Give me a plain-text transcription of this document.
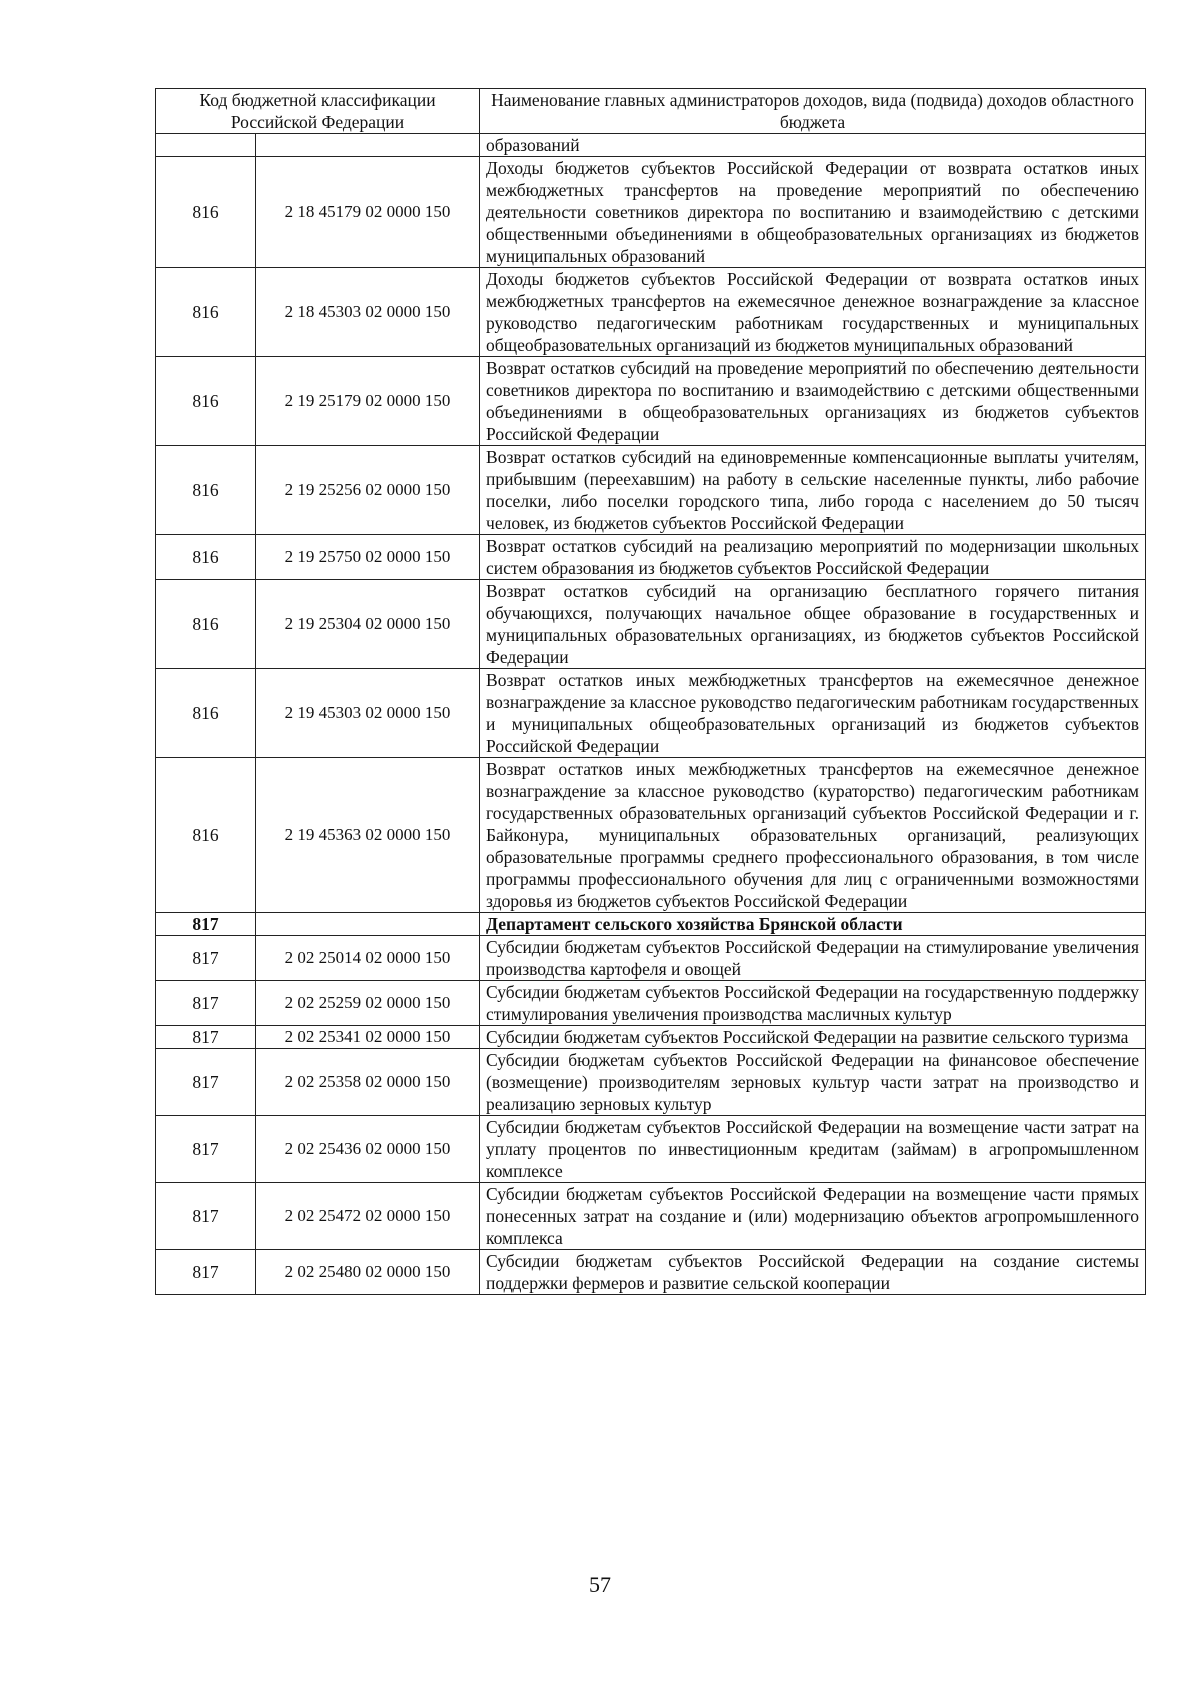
Код бюджетной классификации Российской Федерации		Наименование главных администраторов доходов, вида (подвида) доходов областного бюджета
		образований
816	2 18 45179 02 0000 150	Доходы бюджетов субъектов Российской Федерации от возврата остатков иных межбюджетных трансфертов на проведение мероприятий по обеспечению деятельности советников директора по воспитанию и взаимодействию с детскими общественными объединениями в общеобразовательных организациях из бюджетов муниципальных образований
816	2 18 45303 02 0000 150	Доходы бюджетов субъектов Российской Федерации от возврата остатков иных межбюджетных трансфертов на ежемесячное денежное вознаграждение за классное руководство педагогическим работникам государственных и муниципальных общеобразовательных организаций из бюджетов муниципальных образований
816	2 19 25179 02 0000 150	Возврат остатков субсидий на проведение мероприятий по обеспечению деятельности советников директора по воспитанию и взаимодействию с детскими общественными объединениями в общеобразовательных организациях из бюджетов субъектов Российской Федерации
816	2 19 25256 02 0000 150	Возврат остатков субсидий на единовременные компенсационные выплаты учителям, прибывшим (переехавшим) на работу в сельские населенные пункты, либо рабочие поселки, либо поселки городского типа, либо города с населением до 50 тысяч человек, из бюджетов субъектов Российской Федерации
816	2 19 25750 02 0000 150	Возврат остатков субсидий на реализацию мероприятий по модернизации школьных систем образования из бюджетов субъектов Российской Федерации
816	2 19 25304 02 0000 150	Возврат остатков субсидий на организацию бесплатного горячего питания обучающихся, получающих начальное общее образование в государственных и муниципальных образовательных организациях, из бюджетов субъектов Российской Федерации
816	2 19 45303 02 0000 150	Возврат остатков иных межбюджетных трансфертов на ежемесячное денежное вознаграждение за классное руководство педагогическим работникам государственных и муниципальных общеобразовательных организаций из бюджетов субъектов Российской Федерации
816	2 19 45363 02 0000 150	Возврат остатков иных межбюджетных трансфертов на ежемесячное денежное вознаграждение за классное руководство (кураторство) педагогическим работникам государственных образовательных организаций субъектов Российской Федерации и г. Байконура, муниципальных образовательных организаций, реализующих образовательные программы среднего профессионального образования, в том числе программы профессионального обучения для лиц с ограниченными возможностями здоровья из бюджетов субъектов Российской Федерации
817		Департамент сельского хозяйства Брянской области
817	2 02 25014 02 0000 150	Субсидии бюджетам субъектов Российской Федерации на стимулирование увеличения производства картофеля и овощей
817	2 02 25259 02 0000 150	Субсидии бюджетам субъектов Российской Федерации на государственную поддержку стимулирования увеличения производства масличных культур
817	2 02 25341 02 0000 150	Субсидии бюджетам субъектов Российской Федерации на развитие сельского туризма
817	2 02 25358 02 0000 150	Субсидии бюджетам субъектов Российской Федерации на финансовое обеспечение (возмещение) производителям зерновых культур части затрат на производство и реализацию зерновых культур
817	2 02 25436 02 0000 150	Субсидии бюджетам субъектов Российской Федерации на возмещение части затрат на уплату процентов по инвестиционным кредитам (займам) в агропромышленном комплексе
817	2 02 25472 02 0000 150	Субсидии бюджетам субъектов Российской Федерации на возмещение части прямых понесенных затрат на создание и (или) модернизацию объектов агропромышленного комплекса
817	2 02 25480 02 0000 150	Субсидии бюджетам субъектов Российской Федерации на создание системы поддержки фермеров и развитие сельской кооперации
57
